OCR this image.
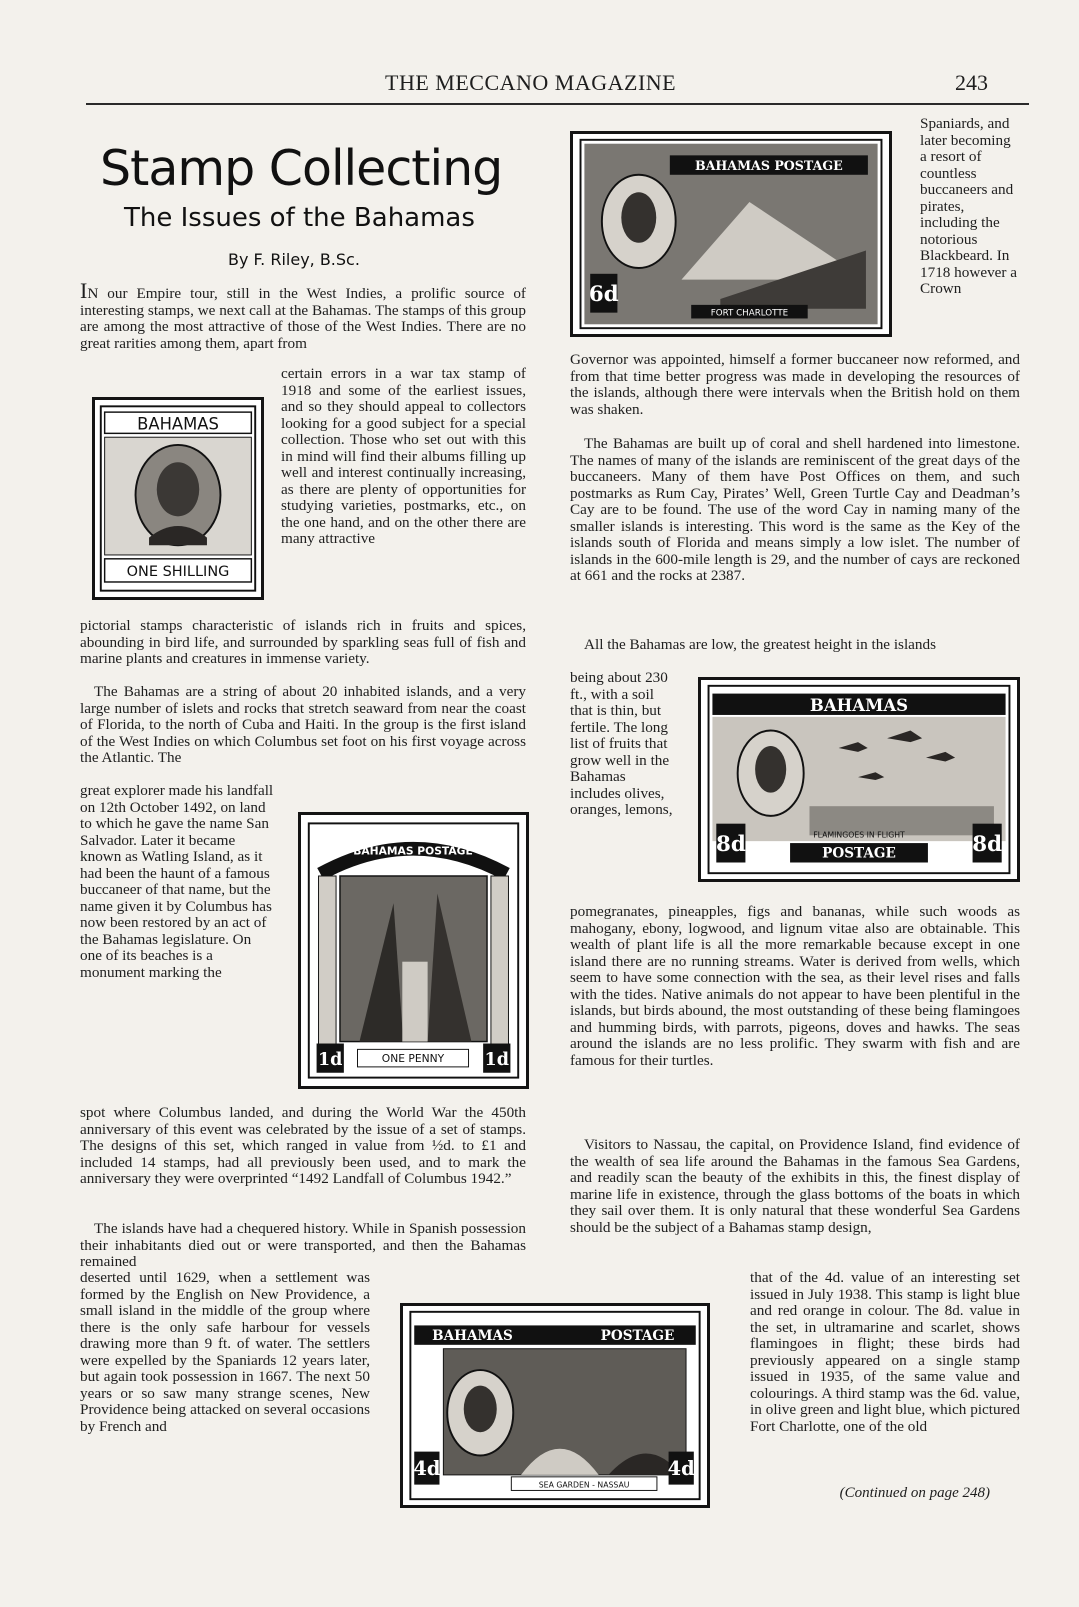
THE MECCANO MAGAZINE	243
Stamp Collecting
The Issues of the Bahamas
By F. Riley, B.Sc.
IN our Empire tour, still in the West Indies, a prolific source of interesting stamps, we next call at the Bahamas. The stamps of this group are among the most attractive of those of the West Indies. There are no great rarities among them, apart from
BAHAMAS
ONE SHILLING
certain errors in a war tax stamp of 1918 and some of the earliest issues, and so they should appeal to collectors looking for a good subject for a special collection. Those who set out with this in mind will find their albums filling up well and interest continually increasing, as there are plenty of opportunities for studying varieties, postmarks, etc., on the one hand, and on the other there are many attractive
pictorial stamps characteristic of islands rich in fruits and spices, abounding in bird life, and surrounded by sparkling seas full of fish and marine plants and creatures in immense variety.
The Bahamas are a string of about 20 inhabited islands, and a very large number of islets and rocks that stretch seaward from near the coast of Florida, to the north of Cuba and Haiti. In the group is the first island of the West Indies on which Columbus set foot on his first voyage across the Atlantic. The
great explorer made his landfall on 12th October 1492, on land to which he gave the name San Salvador. Later it became known as Watling Island, as it had been the haunt of a famous buccaneer of that name, but the name given it by Columbus has now been restored by an act of the Bahamas legislature. On one of its beaches is a monument marking the
BAHAMAS POSTAGE
1d	1d
ONE PENNY
spot where Columbus landed, and during the World War the 450th anniversary of this event was celebrated by the issue of a set of stamps. The designs of this set, which ranged in value from ½d. to £1 and included 14 stamps, had all previously been used, and to mark the anniversary they were overprinted “1492 Landfall of Columbus 1942.”
The islands have had a chequered history. While in Spanish possession their inhabitants died out or were transported, and then the Bahamas remained
deserted until 1629, when a settlement was formed by the English on New Providence, a small island in the middle of the group where there is the only safe harbour for vessels drawing more than 9 ft. of water. The settlers were expelled by the Spaniards 12 years later, but again took possession in 1667. The next 50 years or so saw many strange scenes, New Providence being attacked on several occasions by French and
BAHAMAS	POSTAGE
4d	4d
SEA GARDEN - NASSAU
BAHAMAS POSTAGE
6d
FORT CHARLOTTE
Spaniards, and later becoming a resort of countless buccaneers and pirates, including the notorious Blackbeard. In 1718 however a Crown
Governor was appointed, himself a former buccaneer now reformed, and from that time better progress was made in developing the resources of the islands, although there were intervals when the British hold on them was shaken.
The Bahamas are built up of coral and shell hardened into limestone. The names of many of the islands are reminiscent of the great days of the buccaneers. Many of them have Post Offices on them, and such postmarks as Rum Cay, Pirates’ Well, Green Turtle Cay and Deadman’s Cay are to be found. The use of the word Cay in naming many of the smaller islands is interesting. This word is the same as the Key of the islands south of Florida and means simply a low islet. The number of islands in the 600-mile length is 29, and the number of cays are reckoned at 661 and the rocks at 2387.
All the Bahamas are low, the greatest height in the islands
being about 230 ft., with a soil that is thin, but fertile. The long list of fruits that grow well in the Bahamas includes olives, oranges, lemons,
BAHAMAS
8d	8d
FLAMINGOES IN FLIGHT
POSTAGE
pomegranates, pineapples, figs and bananas, while such woods as mahogany, ebony, logwood, and lignum vitae also are obtainable. This wealth of plant life is all the more remarkable because except in one island there are no running streams. Water is derived from wells, which seem to have some connection with the sea, as their level rises and falls with the tides. Native animals do not appear to have been plentiful in the islands, but birds abound, the most outstanding of these being flamingoes and humming birds, with parrots, pigeons, doves and hawks. The seas around the islands are no less prolific. They swarm with fish and are famous for their turtles.
Visitors to Nassau, the capital, on Providence Island, find evidence of the wealth of sea life around the Bahamas in the famous Sea Gardens, and readily scan the beauty of the exhibits in this, the finest display of marine life in existence, through the glass bottoms of the boats in which they sail over them. It is only natural that these wonderful Sea Gardens should be the subject of a Bahamas stamp design,
that of the 4d. value of an interesting set issued in July 1938. This stamp is light blue and red orange in colour. The 8d. value in the set, in ultramarine and scarlet, shows flamingoes in flight; these birds had previously appeared on a single stamp issued in 1935, of the same value and colourings. A third stamp was the 6d. value, in olive green and light blue, which pictured Fort Charlotte, one of the old
(Continued on page 248)
